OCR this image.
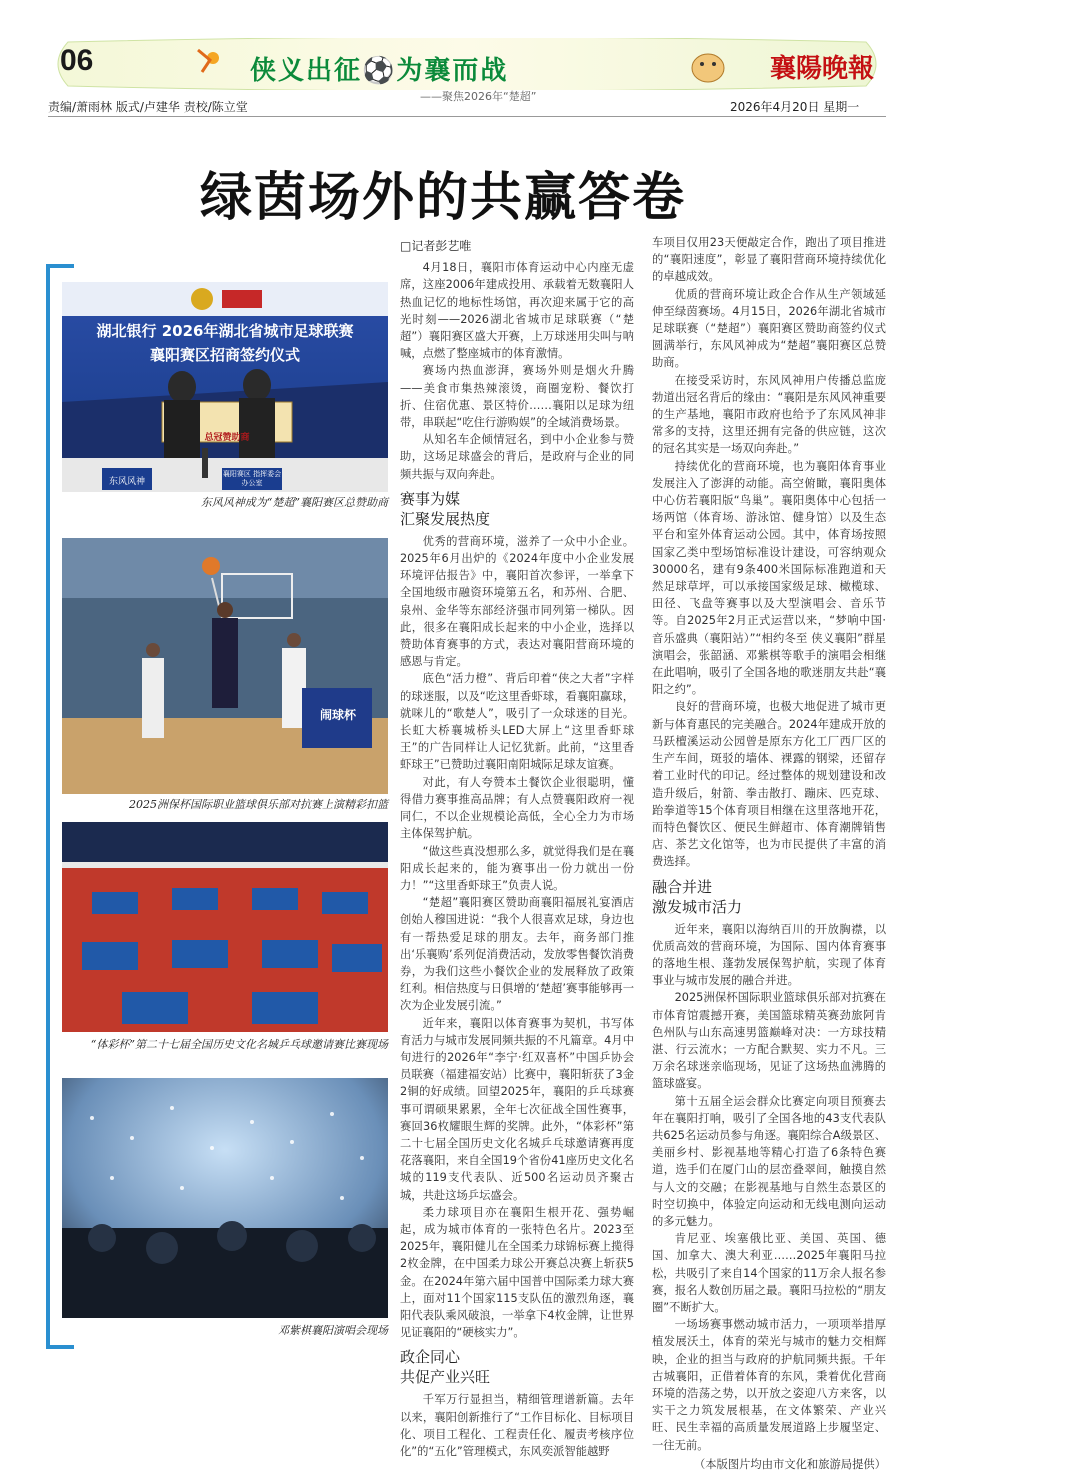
06	侠义出征⚽为襄而战
——聚焦2026年“楚超”
襄陽晚報
责编/萧雨林 版式/卢建华 责校/陈立堂	2026年4月20日 星期一
绿茵场外的共赢答卷
湖北银行 2026年湖北省城市足球联赛
襄阳赛区招商签约仪式
总冠赞助商
东风风神
襄阳赛区 指挥委会办公室
东风风神成为“楚超”襄阳赛区总赞助商
闹球杯
2025洲保杯国际职业篮球俱乐部对抗赛上演精彩扣篮
“体彩杯”第二十七届全国历史文化名城乒乓球邀请赛比赛现场
邓紫棋襄阳演唱会现场
□记者彭艺唯

4月18日，襄阳市体育运动中心内座无虚席，这座2006年建成投用、承载着无数襄阳人热血记忆的地标性场馆，再次迎来属于它的高光时刻——2026湖北省城市足球联赛（“楚超”）襄阳赛区盛大开赛，上万球迷用尖叫与呐喊，点燃了整座城市的体育激情。

赛场内热血澎湃，赛场外则是烟火升腾——美食市集热辣滚烫，商圈宠粉、餐饮打折、住宿优惠、景区特价……襄阳以足球为纽带，串联起“吃住行游购娱”的全域消费场景。

从知名车企倾情冠名，到中小企业参与赞助，这场足球盛会的背后，是政府与企业的同频共振与双向奔赴。

赛事为媒
汇聚发展热度

优秀的营商环境，滋养了一众中小企业。2025年6月出炉的《2024年度中小企业发展环境评估报告》中，襄阳首次参评，一举拿下全国地级市融资环境第五名，和苏州、合肥、泉州、金华等东部经济强市同列第一梯队。因此，很多在襄阳成长起来的中小企业，选择以赞助体育赛事的方式，表达对襄阳营商环境的感恩与肯定。

底色“活力橙”、背后印着“侠之大者”字样的球迷服，以及“吃这里香虾球，看襄阳赢球，就咪儿的“歌楚人”，吸引了一众球迷的目光。长虹大桥襄城桥头LED大屏上“这里香虾球王”的广告同样让人记忆犹新。此前，“这里香虾球王”已赞助过襄阳南阳城际足球友谊赛。

对此，有人夸赞本土餐饮企业很聪明，懂得借力赛事推高品牌；有人点赞襄阳政府一视同仁，不以企业规模论高低，全心全力为市场主体保驾护航。

“做这些真没想那么多，就觉得我们是在襄阳成长起来的，能为赛事出一份力就出一份力！”“这里香虾球王”负责人说。

“楚超”襄阳赛区赞助商襄阳福展礼宴酒店创始人穆国进说：“我个人很喜欢足球，身边也有一帮热爱足球的朋友。去年，商务部门推出‘乐襄购’系列促消费活动，发放零售餐饮消费券，为我们这些小餐饮企业的发展释放了政策红利。相信热度与日俱增的‘楚超’赛事能够再一次为企业发展引流。”

近年来，襄阳以体育赛事为契机，书写体育活力与城市发展同频共振的不凡篇章。4月中旬进行的2026年“李宁·红双喜杯”中国乒协会员联赛（福建福安站）比赛中，襄阳斩获了3金2铜的好成绩。回望2025年，襄阳的乒乓球赛事可谓硕果累累，全年七次征战全国性赛事，赛回36枚耀眼生辉的奖牌。此外，“体彩杯”第二十七届全国历史文化名城乒乓球邀请赛再度花落襄阳，来自全国19个省份41座历史文化名城的119支代表队、近500名运动员齐聚古城，共赴这场乒坛盛会。

柔力球项目亦在襄阳生根开花、强势崛起，成为城市体育的一张特色名片。2023至2025年，襄阳健儿在全国柔力球锦标赛上揽得2枚金牌，在中国柔力球公开赛总决赛上斩获5金。在2024年第六届中国普中国际柔力球大赛上，面对11个国家115支队伍的激烈角逐，襄阳代表队乘风破浪，一举拿下4枚金牌，让世界见证襄阳的“硬核实力”。

政企同心
共促产业兴旺

千军万行显担当，精细管理谱新篇。去年以来，襄阳创新推行了“工作目标化、目标项目化、项目工程化、工程责任化、履责考核序位化”的“五化”管理模式，东风奕派智能越野

车项目仅用23天便敲定合作，跑出了项目推进的“襄阳速度”，彰显了襄阳营商环境持续优化的卓越成效。

优质的营商环境让政企合作从生产领域延伸至绿茵赛场。4月15日，2026年湖北省城市足球联赛（“楚超”）襄阳赛区赞助商签约仪式圆满举行，东风风神成为“楚超”襄阳赛区总赞助商。

在接受采访时，东风风神用户传播总监庞勃道出冠名背后的缘由：“襄阳是东风风神重要的生产基地，襄阳市政府也给予了东风风神非常多的支持，这里还拥有完备的供应链，这次的冠名其实是一场双向奔赴。”

持续优化的营商环境，也为襄阳体育事业发展注入了澎湃的动能。高空俯瞰，襄阳奥体中心仿若襄阳版“鸟巢”。襄阳奥体中心包括一场两馆（体育场、游泳馆、健身馆）以及生态平台和室外体育运动公园。其中，体育场按照国家乙类中型场馆标准设计建设，可容纳观众30000名，建有9条400米国际标准跑道和天然足球草坪，可以承接国家级足球、橄榄球、田径、飞盘等赛事以及大型演唱会、音乐节等。自2025年2月正式运营以来，“梦响中国·音乐盛典（襄阳站）”“相约冬至 侠义襄阳”群星演唱会，张韶涵、邓紫棋等歌手的演唱会相继在此唱响，吸引了全国各地的歌迷朋友共赴“襄阳之约”。

良好的营商环境，也极大地促进了城市更新与体育惠民的完美融合。2024年建成开放的马跃檀溪运动公园曾是原东方化工厂西厂区的生产车间，斑驳的墙体、裸露的钢梁，还留存着工业时代的印记。经过整体的规划建设和改造升级后，射箭、拳击散打、蹦床、匹克球、跆拳道等15个体育项目相继在这里落地开花，而特色餐饮区、便民生鲜超市、体育潮牌销售店、茶艺文化馆等，也为市民提供了丰富的消费选择。

融合并进
激发城市活力

近年来，襄阳以海纳百川的开放胸襟，以优质高效的营商环境，为国际、国内体育赛事的落地生根、蓬勃发展保驾护航，实现了体育事业与城市发展的融合并进。

2025洲保杯国际职业篮球俱乐部对抗赛在市体育馆震撼开赛，美国篮球精英赛劲旅阿肯色州队与山东高速男篮巅峰对决：一方球技精湛、行云流水；一方配合默契、实力不凡。三万余名球迷亲临现场，见证了这场热血沸腾的篮球盛宴。

第十五届全运会群众比赛定向项目预赛去年在襄阳打响，吸引了全国各地的43支代表队共625名运动员参与角逐。襄阳综合A级景区、美丽乡村、影视基地等精心打造了6条特色赛道，选手们在厦门山的层峦叠翠间，触摸自然与人文的交融；在影视基地与自然生态景区的时空切换中，体验定向运动和无线电测向运动的多元魅力。

肯尼亚、埃塞俄比亚、美国、英国、德国、加拿大、澳大利亚……2025年襄阳马拉松，共吸引了来自14个国家的11万余人报名参赛，报名人数创历届之最。襄阳马拉松的“朋友圈”不断扩大。

一场场赛事燃动城市活力，一项项举措厚植发展沃土，体育的荣光与城市的魅力交相辉映，企业的担当与政府的护航同频共振。千年古城襄阳，正借着体育的东风，秉着优化营商环境的浩荡之势，以开放之姿迎八方来客，以实干之力筑发展根基，在文体繁荣、产业兴旺、民生幸福的高质量发展道路上步履坚定、一往无前。

（本版图片均由市文化和旅游局提供）
